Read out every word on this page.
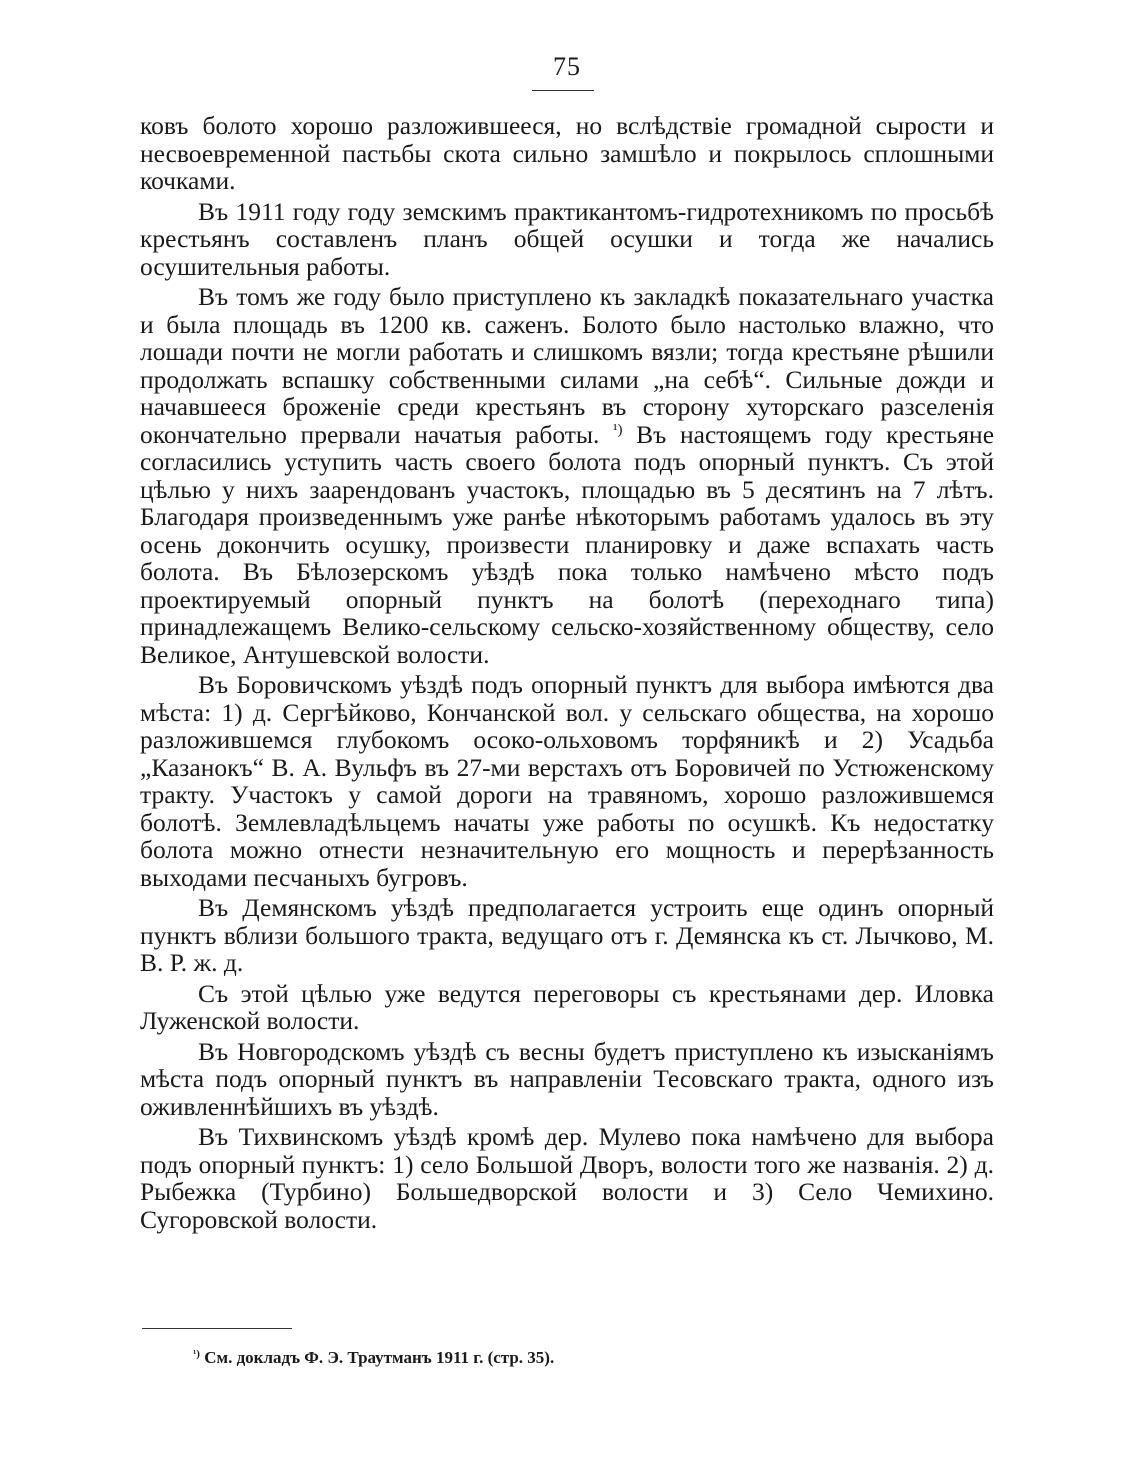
75

ковъ болото хорошо разложившееся, но вслѣдствіе громадной сырости и несвоевременной пастьбы скота сильно замшѣло и покрылось сплошными кочками.

Въ 1911 году году земскимъ практикантомъ-гидротехникомъ по просьбѣ крестьянъ составленъ планъ общей осушки и тогда же начались осушительныя работы.

Въ томъ же году было приступлено къ закладкѣ показательнаго участка и была площадь въ 1200 кв. саженъ. Болото было настолько влажно, что лошади почти не могли работать и слишкомъ вязли; тогда крестьяне рѣшили продолжать вспашку собственными силами „на себѣ“. Сильные дожди и начавшееся броженіе среди крестьянъ въ сторону хуторскаго разселенія окончательно прервали начатыя работы. $^{^1)}$ Въ настоящемъ году крестьяне согласились уступить часть своего болота подъ опорный пунктъ. Съ этой цѣлью у нихъ заарендованъ участокъ, площадью въ 5 десятинъ на 7 лѣтъ. Благодаря произведеннымъ уже ранѣе нѣкоторымъ работамъ удалось въ эту осень докончить осушку, произвести планировку и даже вспахать часть болота. Въ Бѣлозерскомъ уѣздѣ пока только намѣчено мѣсто подъ проектируемый опорный пунктъ на болотѣ (переходнаго типа) принадлежащемъ Велико-сельскому сельско-хозяйственному обществу, село Великое, Антушевской волости.

Въ Боровичскомъ уѣздѣ подъ опорный пунктъ для выбора имѣются два мѣста: 1) д. Сергѣйково, Кончанской вол. у сельскаго общества, на хорошо разложившемся глубокомъ осоко-ольховомъ торфяникѣ и 2) Усадьба „Казанокъ“ В. А. Вульфъ въ 27-ми верстахъ отъ Боровичей по Устюженскому тракту. Участокъ у самой дороги на травяномъ, хорошо разложившемся болотѣ. Землевладѣльцемъ начаты уже работы по осушкѣ. Къ недостатку болота можно отнести незначительную его мощность и перерѣзанность выходами песчаныхъ бугровъ.

Въ Демянскомъ уѣздѣ предполагается устроить еще одинъ опорный пунктъ вблизи большого тракта, ведущаго отъ г. Демянска къ ст. Лычково, М. В. Р. ж. д.

Съ этой цѣлью уже ведутся переговоры съ крестьянами дер. Иловка Луженской волости.

Въ Новгородскомъ уѣздѣ съ весны будетъ приступлено къ изысканіямъ мѣста подъ опорный пунктъ въ направленіи Тесовскаго тракта, одного изъ оживленнѣйшихъ въ уѣздѣ.

Въ Тихвинскомъ уѣздѣ кромѣ дер. Мулево пока намѣчено для выбора подъ опорный пунктъ: 1) село Большой Дворъ, волости того же названія. 2) д. Рыбежка (Турбино) Большедворской волости и 3) Село Чемихино. Сугоровской волости.

$^{^1)}$ См. докладъ Ф. Э. Траутманъ 1911 г. (стр. 35).
